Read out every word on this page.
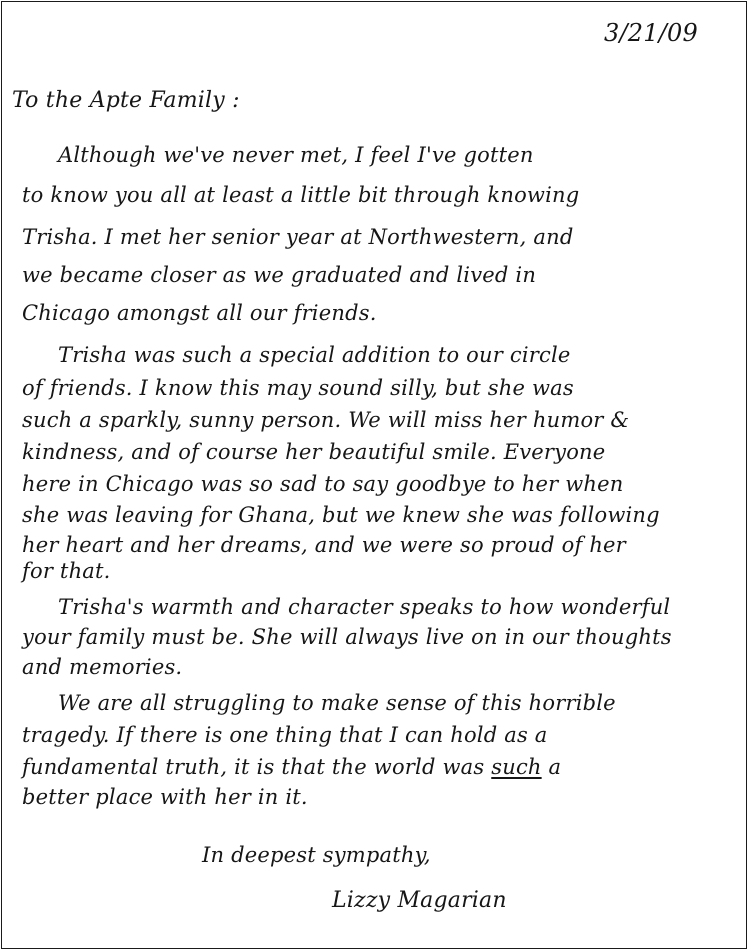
3/21/09
To the Apte Family :
Although we've never met, I feel I've gotten
to know you all at least a little bit through knowing
Trisha. I met her senior year at Northwestern, and
we became closer as we graduated and lived in
Chicago amongst all our friends.
Trisha was such a special addition to our circle
of friends. I know this may sound silly, but she was
such a sparkly, sunny person. We will miss her humor &
kindness, and of course her beautiful smile. Everyone
here in Chicago was so sad to say goodbye to her when
she was leaving for Ghana, but we knew she was following
her heart and her dreams, and we were so proud of her
for that.
Trisha's warmth and character speaks to how wonderful
your family must be. She will always live on in our thoughts
and memories.
We are all struggling to make sense of this horrible
tragedy. If there is one thing that I can hold as a
fundamental truth, it is that the world was such a
better place with her in it.
In deepest sympathy,
Lizzy Magarian
